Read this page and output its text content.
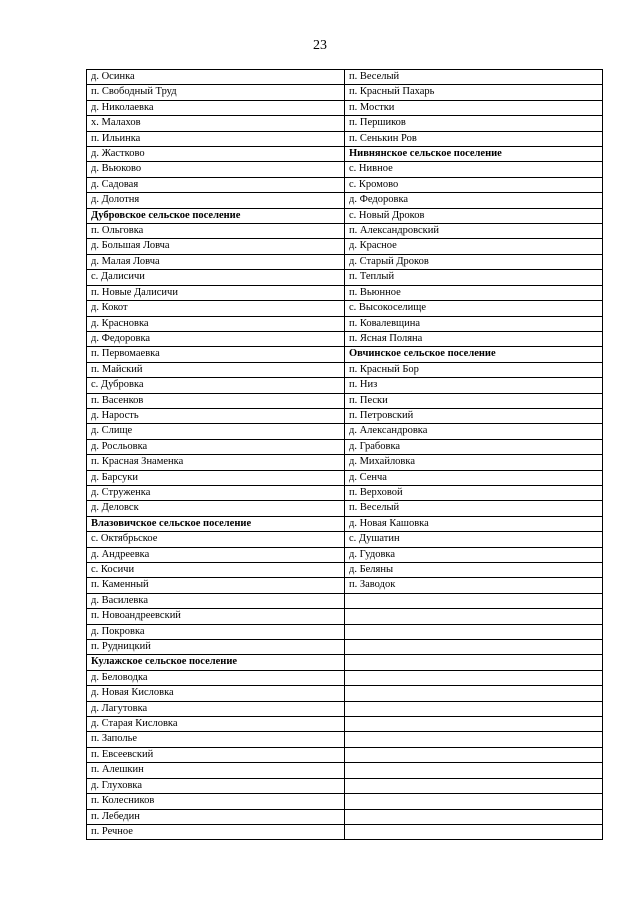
23
д. Осинка	п. Веселый
п. Свободный Труд	п. Красный Пахарь
д. Николаевка	п. Мостки
х. Малахов	п. Першиков
п. Ильинка	п. Сенькин Ров
д. Жастково	Нивнянское сельское поселение
д. Вьюково	с. Нивное
д. Садовая	с. Кромово
д. Долотня	д. Федоровка
Дубровское сельское поселение	с. Новый Дроков
п. Ольговка	п. Александровский
д. Большая Ловча	д. Красное
д. Малая Ловча	д. Старый Дроков
с. Далисичи	п. Теплый
п. Новые Далисичи	п. Вьюнное
д. Кокот	с. Высокоселище
д. Красновка	п. Ковалевщина
д. Федоровка	п. Ясная Поляна
п. Первомаевка	Овчинское сельское поселение
п. Майский	п. Красный Бор
с. Дубровка	п. Низ
п. Васенков	п. Пески
д. Нарость	п. Петровский
д. Слище	д. Александровка
д. Росльовка	д. Грабовка
п. Красная Знаменка	д. Михайловка
д. Барсуки	д. Сенча
д. Струженка	п. Верховой
д. Деловск	п. Веселый
Влазовичское сельское поселение	д. Новая Кашовка
с. Октябрьское	с. Душатин
д. Андреевка	д. Гудовка
с. Косичи	д. Беляны
п. Каменный	п. Заводок
д. Василевка	
п. Новоандреевский	
д. Покровка	
п. Рудницкий	
Кулажское сельское поселение	
д. Беловодка	
д. Новая Кисловка	
д. Лагутовка	
д. Старая Кисловка	
п. Заполье	
п. Евсеевский	
п. Алешкин	
д. Глуховка	
п. Колесников	
п. Лебедин	
п. Речное	
